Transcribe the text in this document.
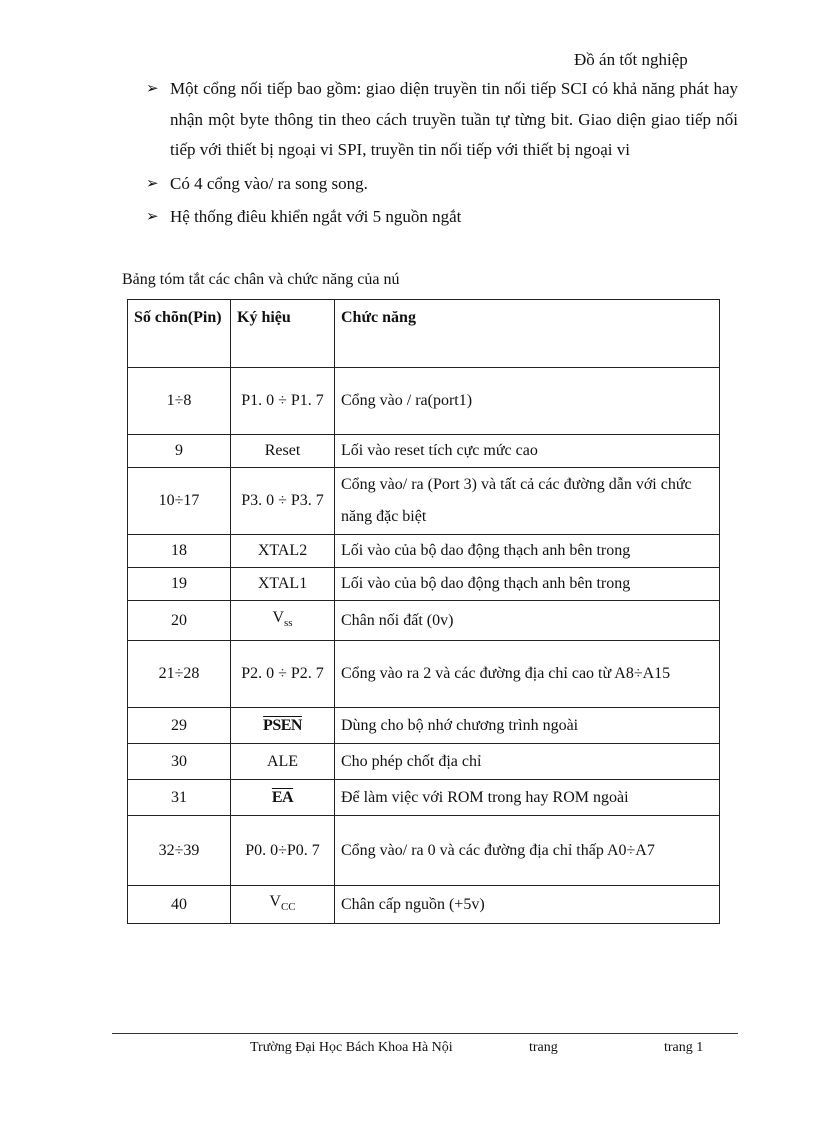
Đồ án tốt nghiệp
➢ Một cổng nối tiếp bao gồm: giao diện truyền tin nối tiếp SCI có khả năng phát hay nhận một byte thông tin theo cách truyền tuần tự từng bit. Giao diện giao tiếp nối tiếp với thiết bị ngoại vi SPI, truyền tin nối tiếp với thiết bị ngoại vi
➢ Có 4 cổng vào/ ra song song.
➢ Hệ thống điêu khiển ngắt với 5 nguồn ngắt
Bảng tóm tắt các chân và chức năng của nú
Số chõn(Pin)	Ký hiệu	Chức năng
1÷8	P1. 0 ÷ P1. 7	Cổng vào / ra(port1)
9	Reset	Lối vào reset tích cực mức cao
10÷17	P3. 0 ÷ P3. 7	Cổng vào/ ra (Port 3) và tất cả các đường dẫn với chức năng đặc biệt
18	XTAL2	Lối vào của bộ dao động thạch anh bên trong
19	XTAL1	Lối vào của bộ dao động thạch anh bên trong
20	$V_{ss}$	Chân nối đất (0v)
21÷28	P2. 0 ÷ P2. 7	Cổng vào ra 2 và các đường địa chỉ cao từ A8÷A15
29	PSEN	Dùng cho bộ nhớ chương trình ngoài
30	ALE	Cho phép chốt địa chỉ
31	$\overline{EA}$	Để làm việc với ROM trong hay ROM ngoài
32÷39	P0. 0÷P0. 7	Cổng vào/ ra 0 và các đường địa chỉ thấp A0÷A7
40	$V_{CC}$	Chân cấp nguồn (+5v)
Trường Đại Học Bách Khoa Hà Nội	trang	trang 1
